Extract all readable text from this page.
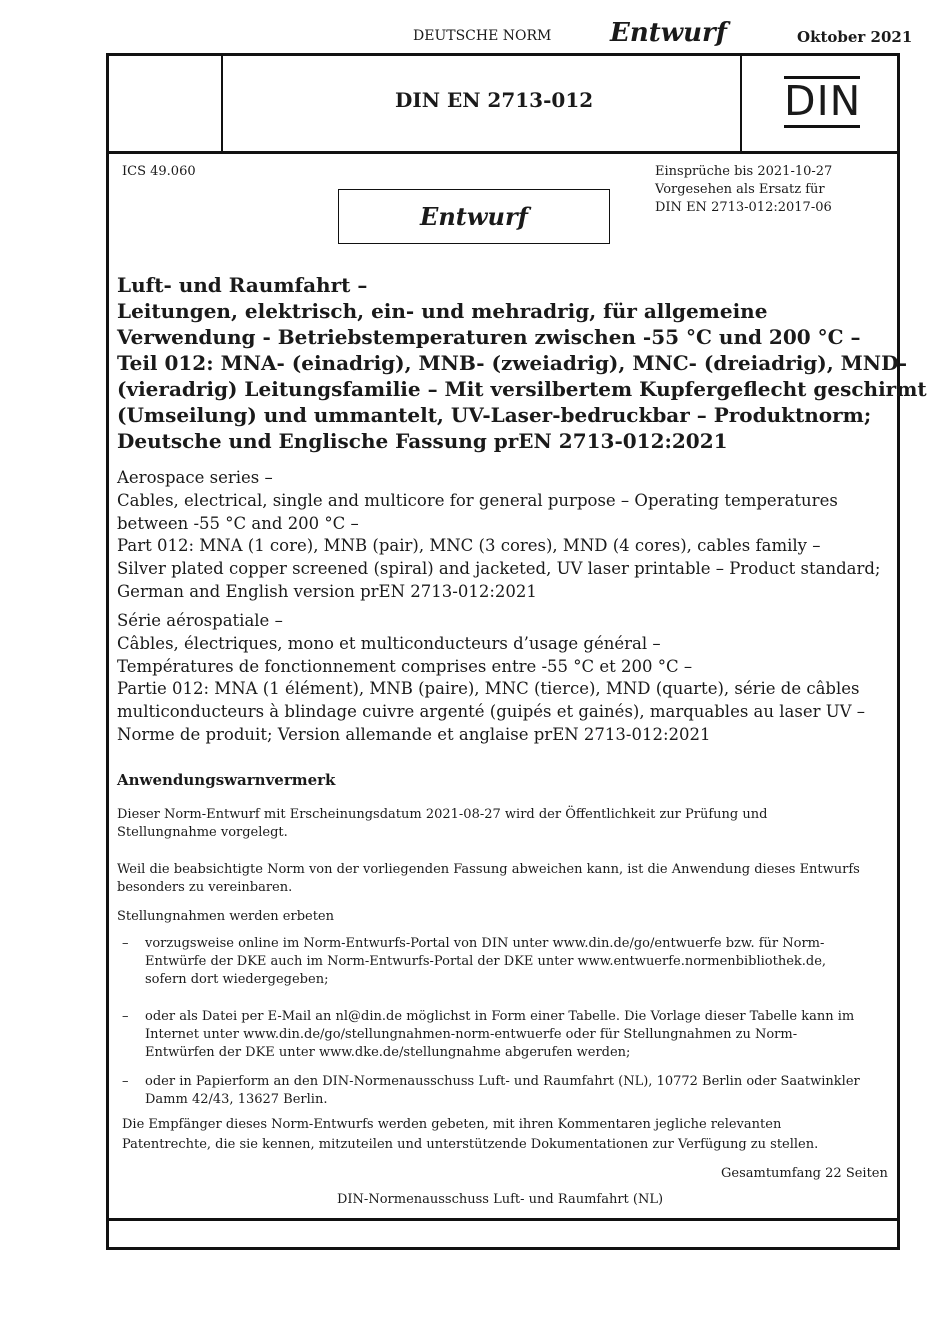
DEUTSCHE NORM Entwurf	Oktober 2021
DIN EN 2713-012	DIN
ICS 49.060	Einsprüche bis 2021-10-27
Vorgesehen als Ersatz für
DIN EN 2713-012:2017-06
Entwurf
Luft- und Raumfahrt –
Leitungen, elektrisch, ein- und mehradrig, für allgemeine
Verwendung - Betriebstemperaturen zwischen -55 °C und 200 °C –
Teil 012: MNA- (einadrig), MNB- (zweiadrig), MNC- (dreiadrig), MND-
(vieradrig) Leitungsfamilie – Mit versilbertem Kupfergeflecht geschirmt
(Umseilung) und ummantelt, UV-Laser-bedruckbar – Produktnorm;
Deutsche und Englische Fassung prEN 2713-012:2021
Aerospace series –
Cables, electrical, single and multicore for general purpose – Operating temperatures
between -55 °C and 200 °C –
Part 012: MNA (1 core), MNB (pair), MNC (3 cores), MND (4 cores), cables family –
Silver plated copper screened (spiral) and jacketed, UV laser printable – Product standard;
German and English version prEN 2713-012:2021
Série aérospatiale –
Câbles, électriques, mono et multiconducteurs d’usage général –
Températures de fonctionnement comprises entre -55 °C et 200 °C –
Partie 012: MNA (1 élément), MNB (paire), MNC (tierce), MND (quarte), série de câbles
multiconducteurs à blindage cuivre argenté (guipés et gainés), marquables au laser UV –
Norme de produit; Version allemande et anglaise prEN 2713-012:2021
Anwendungswarnvermerk
Dieser Norm-Entwurf mit Erscheinungsdatum 2021-08-27 wird der Öffentlichkeit zur Prüfung und
Stellungnahme vorgelegt.
Weil die beabsichtigte Norm von der vorliegenden Fassung abweichen kann, ist die Anwendung dieses Entwurfs
besonders zu vereinbaren.
Stellungnahmen werden erbeten
– vorzugsweise online im Norm-Entwurfs-Portal von DIN unter www.din.de/go/entwuerfe bzw. für Norm-
Entwürfe der DKE auch im Norm-Entwurfs-Portal der DKE unter www.entwuerfe.normenbibliothek.de,
sofern dort wiedergegeben;
– oder als Datei per E-Mail an nl@din.de möglichst in Form einer Tabelle. Die Vorlage dieser Tabelle kann im
Internet unter www.din.de/go/stellungnahmen-norm-entwuerfe oder für Stellungnahmen zu Norm-
Entwürfen der DKE unter www.dke.de/stellungnahme abgerufen werden;
– oder in Papierform an den DIN-Normenausschuss Luft- und Raumfahrt (NL), 10772 Berlin oder Saatwinkler
Damm 42/43, 13627 Berlin.
Die Empfänger dieses Norm-Entwurfs werden gebeten, mit ihren Kommentaren jegliche relevanten
Patentrechte, die sie kennen, mitzuteilen und unterstützende Dokumentationen zur Verfügung zu stellen.
Gesamtumfang 22 Seiten
DIN-Normenausschuss Luft- und Raumfahrt (NL)
